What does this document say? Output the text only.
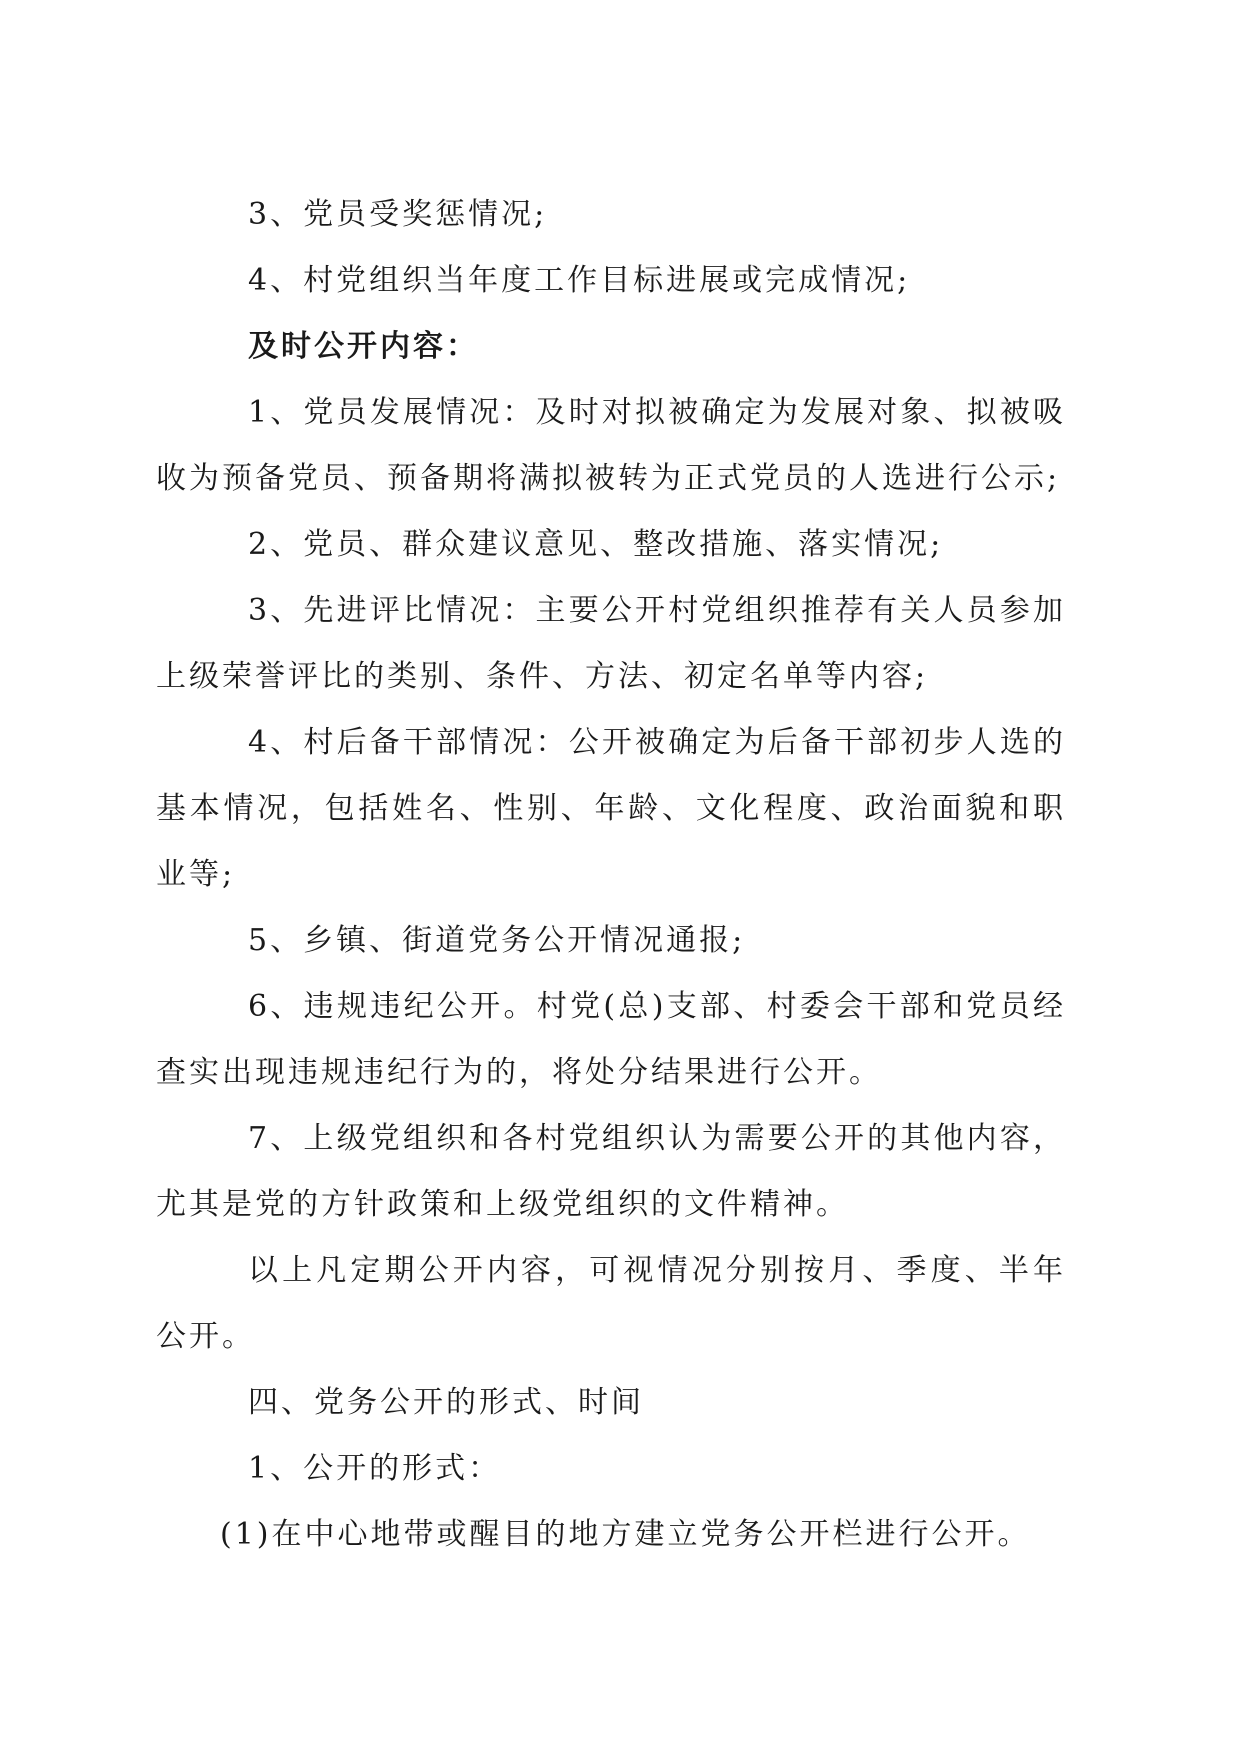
3、党员受奖惩情况;

4、村党组织当年度工作目标进展或完成情况;

及时公开内容：

1、党员发展情况：及时对拟被确定为发展对象、拟被吸收为预备党员、预备期将满拟被转为正式党员的人选进行公示;

2、党员、群众建议意见、整改措施、落实情况;

3、先进评比情况：主要公开村党组织推荐有关人员参加上级荣誉评比的类别、条件、方法、初定名单等内容;

4、村后备干部情况：公开被确定为后备干部初步人选的基本情况，包括姓名、性别、年龄、文化程度、政治面貌和职业等;

5、乡镇、街道党务公开情况通报;

6、违规违纪公开。村党(总)支部、村委会干部和党员经查实出现违规违纪行为的，将处分结果进行公开。

7、上级党组织和各村党组织认为需要公开的其他内容，尤其是党的方针政策和上级党组织的文件精神。

以上凡定期公开内容，可视情况分别按月、季度、半年公开。

四、党务公开的形式、时间

1、公开的形式：

(1)在中心地带或醒目的地方建立党务公开栏进行公开。
